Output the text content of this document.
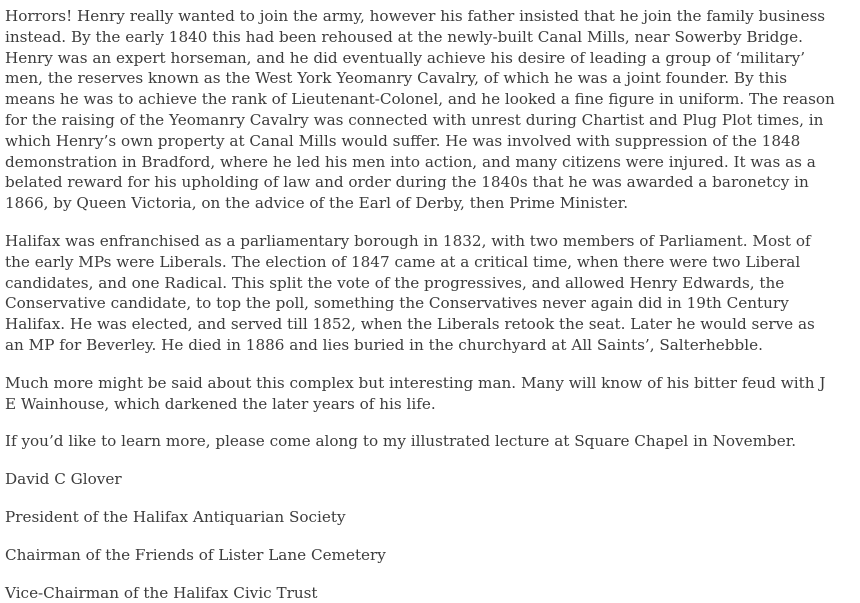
Horrors! Henry really wanted to join the army, however his father insisted that he join the family business instead. By the early 1840 this had been rehoused at the newly-built Canal Mills, near Sowerby Bridge. Henry was an expert horseman, and he did eventually achieve his desire of leading a group of ‘military’ men, the reserves known as the West York Yeomanry Cavalry, of which he was a joint founder. By this means he was to achieve the rank of Lieutenant-Colonel, and he looked a fine figure in uniform. The reason for the raising of the Yeomanry Cavalry was connected with unrest during Chartist and Plug Plot times, in which Henry’s own property at Canal Mills would suffer. He was involved with suppression of the 1848 demonstration in Bradford, where he led his men into action, and many citizens were injured. It was as a belated reward for his upholding of law and order during the 1840s that he was awarded a baronetcy in 1866, by Queen Victoria, on the advice of the Earl of Derby, then Prime Minister.

Halifax was enfranchised as a parliamentary borough in 1832, with two members of Parliament. Most of the early MPs were Liberals. The election of 1847 came at a critical time, when there were two Liberal candidates, and one Radical. This split the vote of the progressives, and allowed Henry Edwards, the Conservative candidate, to top the poll, something the Conservatives never again did in 19th Century Halifax. He was elected, and served till 1852, when the Liberals retook the seat. Later he would serve as an MP for Beverley. He died in 1886 and lies buried in the churchyard at All Saints’, Salterhebble.

Much more might be said about this complex but interesting man. Many will know of his bitter feud with J E Wainhouse, which darkened the later years of his life.

If you’d like to learn more, please come along to my illustrated lecture at Square Chapel in November.

David C Glover

President of the Halifax Antiquarian Society

Chairman of the Friends of Lister Lane Cemetery

Vice-Chairman of the Halifax Civic Trust
